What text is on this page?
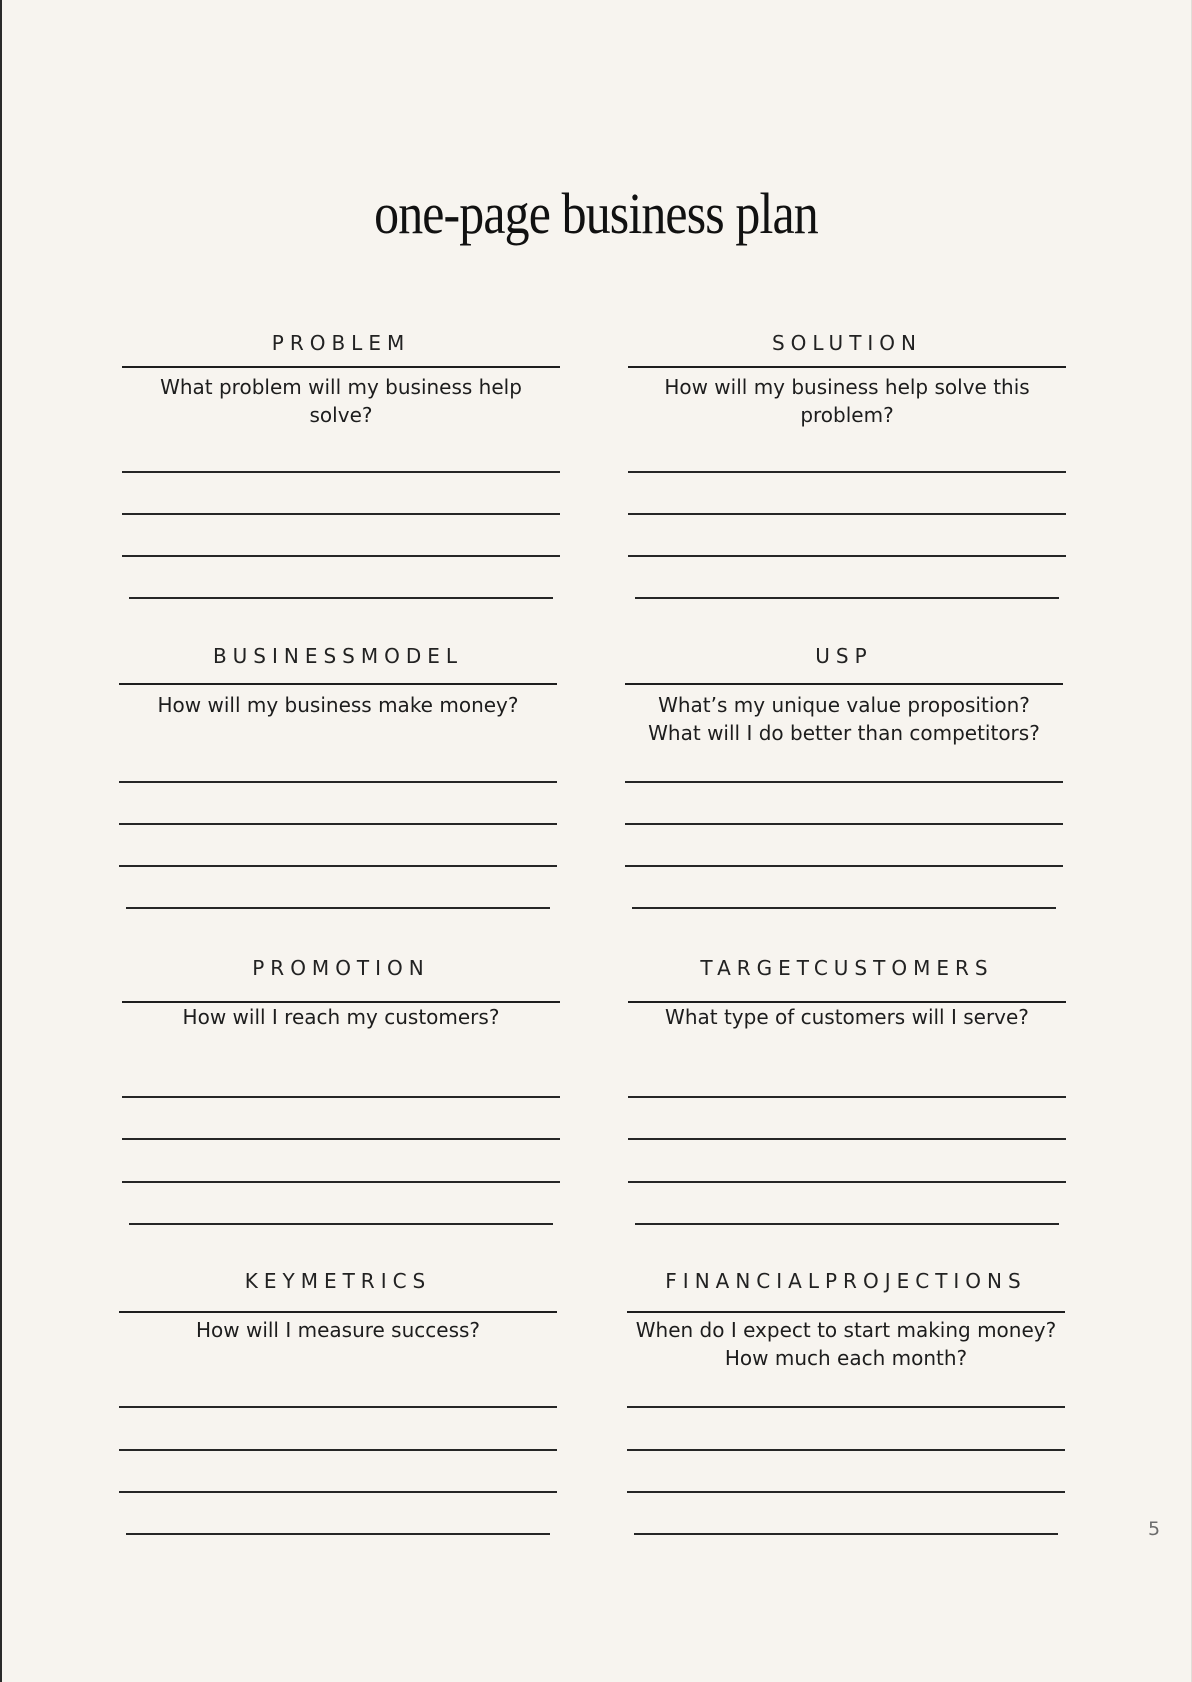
one-page business plan
PROBLEM
What problem will my business help
solve?
SOLUTION
How will my business help solve this
problem?
BUSINESSMODEL
How will my business make money?
USP
What’s my unique value proposition?
What will I do better than competitors?
PROMOTION
How will I reach my customers?
TARGETCUSTOMERS
What type of customers will I serve?
KEYMETRICS
How will I measure success?
FINANCIALPROJECTIONS
When do I expect to start making money?
How much each month?
5
